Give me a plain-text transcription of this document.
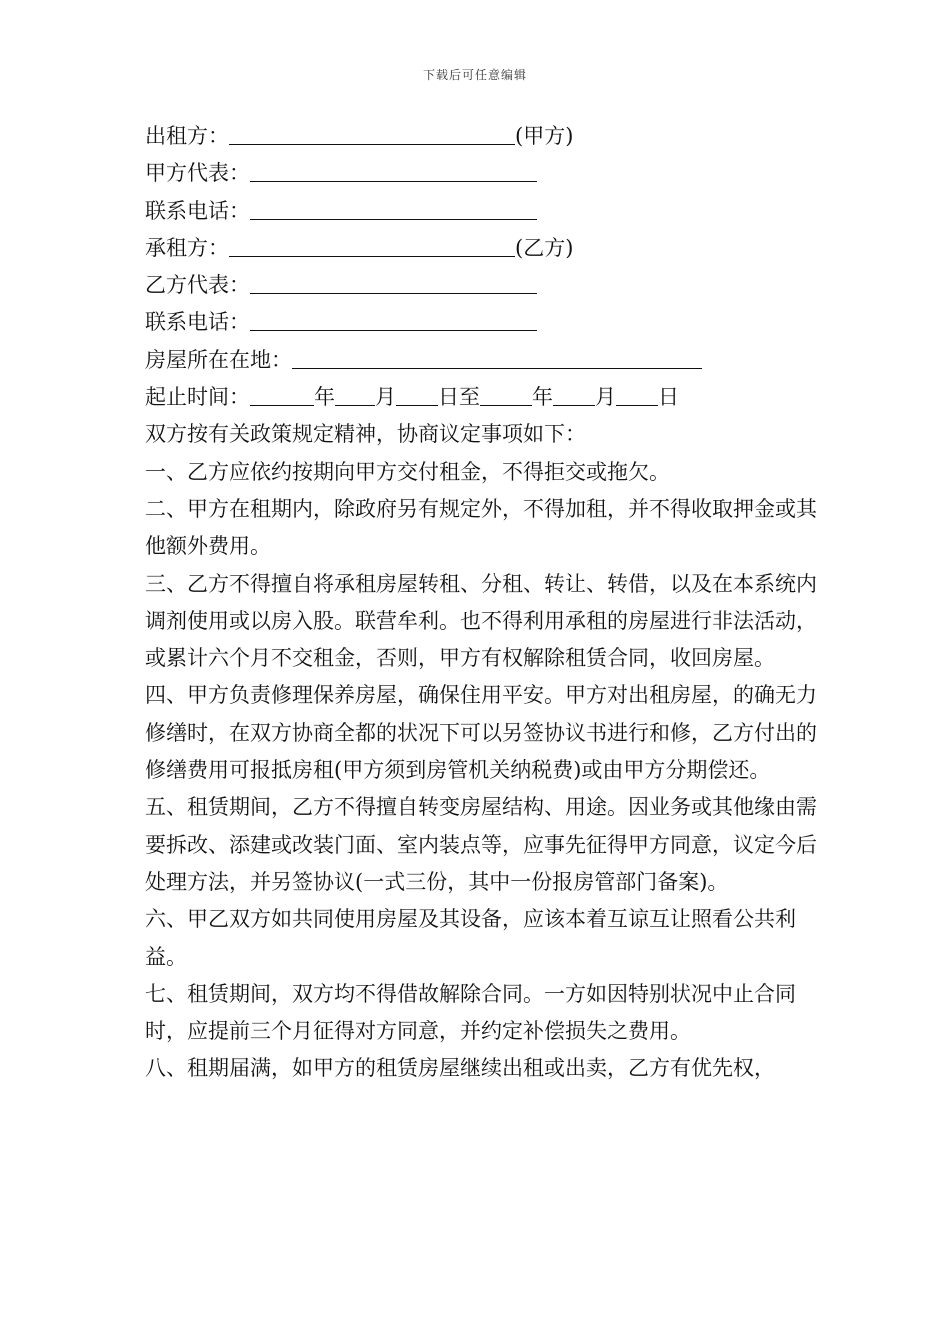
下载后可任意编辑
出租方：	(甲方)
甲方代表：
联系电话：
承租方：	(乙方)
乙方代表：
联系电话：
房屋所在在地：
起止时间：	年 月 日至 年 月 日
双方按有关政策规定精神，协商议定事项如下：
一、乙方应依约按期向甲方交付租金，不得拒交或拖欠。
二、甲方在租期内，除政府另有规定外，不得加租，并不得收取押金或其他额外费用。
三、乙方不得擅自将承租房屋转租、分租、转让、转借，以及在本系统内调剂使用或以房入股。联营牟利。也不得利用承租的房屋进行非法活动，或累计六个月不交租金，否则，甲方有权解除租赁合同，收回房屋。
四、甲方负责修理保养房屋，确保住用平安。甲方对出租房屋，的确无力修缮时，在双方协商全都的状况下可以另签协议书进行和修，乙方付出的修缮费用可报抵房租(甲方须到房管机关纳税费)或由甲方分期偿还。
五、租赁期间，乙方不得擅自转变房屋结构、用途。因业务或其他缘由需要拆改、添建或改装门面、室内装点等，应事先征得甲方同意，议定今后处理方法，并另签协议(一式三份，其中一份报房管部门备案)。
六、甲乙双方如共同使用房屋及其设备，应该本着互谅互让照看公共利益。
七、租赁期间，双方均不得借故解除合同。一方如因特别状况中止合同时，应提前三个月征得对方同意，并约定补偿损失之费用。
八、租期届满，如甲方的租赁房屋继续出租或出卖，乙方有优先权，
